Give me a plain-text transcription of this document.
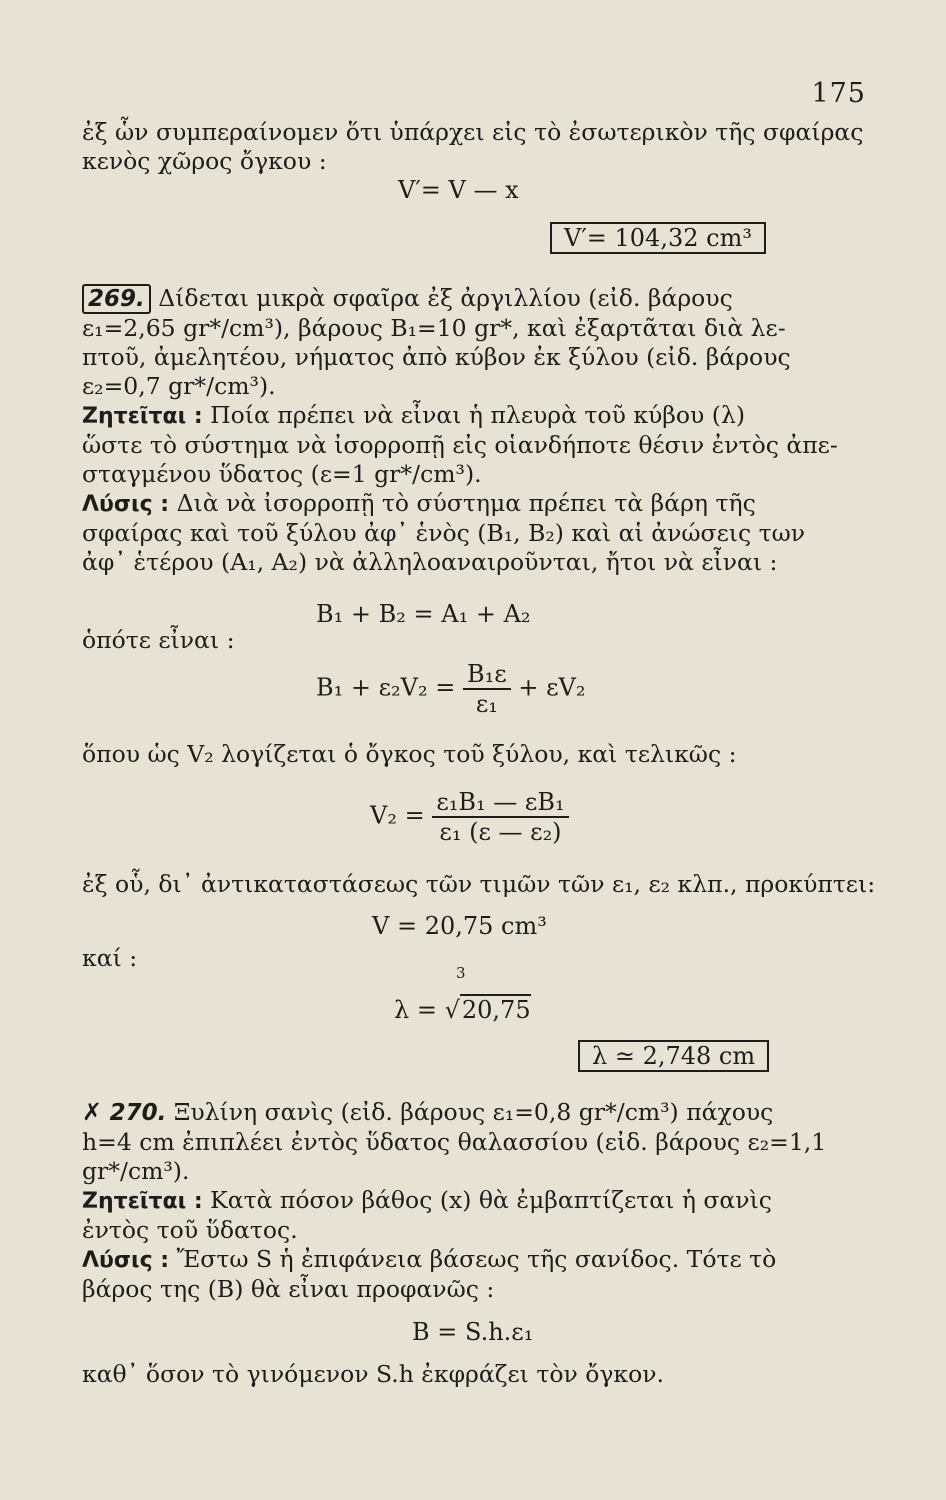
175
ἐξ ὧν συμπεραίνομεν ὅτι ὑπάρχει εἰς τὸ ἐσωτερικὸν τῆς σφαίρας
κενὸς χῶρος ὄγκου :
V′= V — x
V′= 104,32 cm³
269. Δίδεται μικρὰ σφαῖρα ἐξ ἀργιλλίου (εἰδ. βάρους
ε₁=2,65 gr*/cm³), βάρους B₁=10 gr*, καὶ ἐξαρτᾶται διὰ λε-
πτοῦ, ἀμελητέου, νήματος ἀπὸ κύβον ἐκ ξύλου (εἰδ. βάρους
ε₂=0,7 gr*/cm³).
Ζητεῖται : Ποία πρέπει νὰ εἶναι ἡ πλευρὰ τοῦ κύβου (λ)
ὥστε τὸ σύστημα νὰ ἰσορροπῇ εἰς οἱανδήποτε θέσιν ἐντὸς ἀπε-
σταγμένου ὕδατος (ε=1 gr*/cm³).
Λύσις : Διὰ νὰ ἰσορροπῇ τὸ σύστημα πρέπει τὰ βάρη τῆς
σφαίρας καὶ τοῦ ξύλου ἀφ᾽ ἑνὸς (B₁, B₂) καὶ αἱ ἀνώσεις των
ἀφ᾽ ἑτέρου (A₁, A₂) νὰ ἀλληλοαναιροῦνται, ἤτοι νὰ εἶναι :
B₁ + B₂ = A₁ + A₂
ὁπότε εἶναι :
$B_1 + \varepsilon_2V_2 = \frac{\text{B₁ε}}{\text{ε₁}} + \varepsilon V_2$
ὅπου ὡς V₂ λογίζεται ὁ ὄγκος τοῦ ξύλου, καὶ τελικῶς :
$V_2 = \frac{\text{ε₁B₁ — εB₁}}{\text{ε₁ (ε — ε₂)}}$
ἐξ οὗ, δι᾽ ἀντικαταστάσεως τῶν τιμῶν τῶν ε₁, ε₂ κλπ., προκύπτει:
V = 20,75 cm³
καί :
3
λ = √20,75
λ ≃ 2,748 cm
✗ 270. Ξυλίνη σανὶς (εἰδ. βάρους ε₁=0,8 gr*/cm³) πάχους
h=4 cm ἐπιπλέει ἐντὸς ὕδατος θαλασσίου (εἰδ. βάρους ε₂=1,1
gr*/cm³).
Ζητεῖται : Κατὰ πόσον βάθος (x) θὰ ἐμβαπτίζεται ἡ σανὶς
ἐντὸς τοῦ ὕδατος.
Λύσις : Ἔστω S ἡ ἐπιφάνεια βάσεως τῆς σανίδος. Τότε τὸ
βάρος της (B) θὰ εἶναι προφανῶς :
B = S.h.ε₁
καθ᾽ ὅσον τὸ γινόμενον S.h ἐκφράζει τὸν ὄγκον.
